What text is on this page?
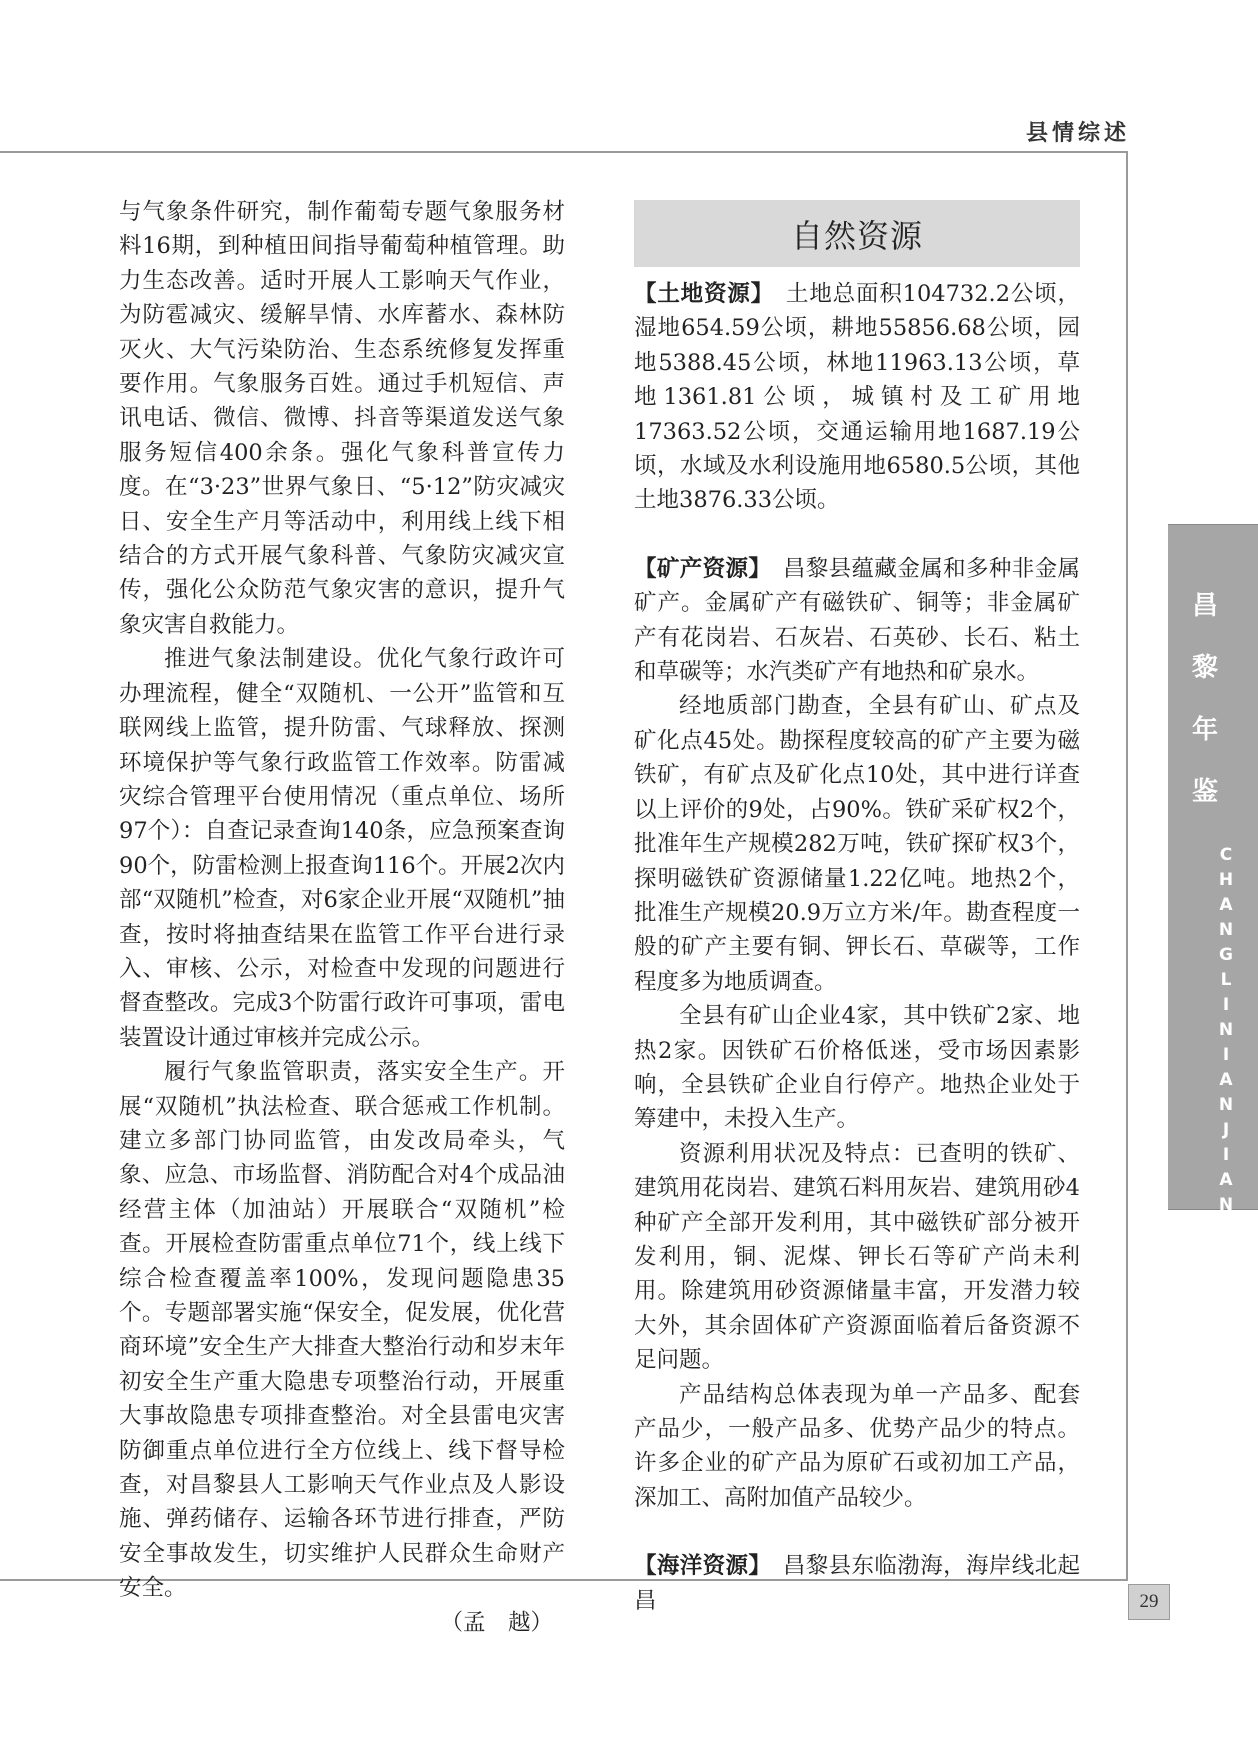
县情综述
29
昌
黎
年
鉴
CHANGLINIANJIAN

与气象条件研究，制作葡萄专题气象服务材料16期，到种植田间指导葡萄种植管理。助力生态改善。适时开展人工影响天气作业，为防雹减灾、缓解旱情、水库蓄水、森林防灭火、大气污染防治、生态系统修复发挥重要作用。气象服务百姓。通过手机短信、声讯电话、微信、微博、抖音等渠道发送气象服务短信400余条。强化气象科普宣传力度。在“3·23”世界气象日、“5·12”防灾减灾日、安全生产月等活动中，利用线上线下相结合的方式开展气象科普、气象防灾减灾宣传，强化公众防范气象灾害的意识，提升气象灾害自救能力。

推进气象法制建设。优化气象行政许可办理流程，健全“双随机、一公开”监管和互联网线上监管，提升防雷、气球释放、探测环境保护等气象行政监管工作效率。防雷减灾综合管理平台使用情况（重点单位、场所97个）：自查记录查询140条，应急预案查询90个，防雷检测上报查询116个。开展2次内部“双随机”检查，对6家企业开展“双随机”抽查，按时将抽查结果在监管工作平台进行录入、审核、公示，对检查中发现的问题进行督查整改。完成3个防雷行政许可事项，雷电装置设计通过审核并完成公示。

履行气象监管职责，落实安全生产。开展“双随机”执法检查、联合惩戒工作机制。建立多部门协同监管，由发改局牵头，气象、应急、市场监督、消防配合对4个成品油经营主体（加油站）开展联合“双随机”检查。开展检查防雷重点单位71个，线上线下综合检查覆盖率100%，发现问题隐患35个。专题部署实施“保安全，促发展，优化营商环境”安全生产大排查大整治行动和岁末年初安全生产重大隐患专项整治行动，开展重大事故隐患专项排查整治。对全县雷电灾害防御重点单位进行全方位线上、线下督导检查，对昌黎县人工影响天气作业点及人影设施、弹药储存、运输各环节进行排查，严防安全事故发生，切实维护人民群众生命财产安全。

（孟　越）

自然资源

【土地资源】　土地总面积104732.2公顷，湿地654.59公顷，耕地55856.68公顷，园地5388.45公顷，林地11963.13公顷，草地1361.81公顷，城镇村及工矿用地17363.52公顷，交通运输用地1687.19公顷，水域及水利设施用地6580.5公顷，其他土地3876.33公顷。

【矿产资源】　昌黎县蕴藏金属和多种非金属矿产。金属矿产有磁铁矿、铜等；非金属矿产有花岗岩、石灰岩、石英砂、长石、粘土和草碳等；水汽类矿产有地热和矿泉水。

经地质部门勘查，全县有矿山、矿点及矿化点45处。勘探程度较高的矿产主要为磁铁矿，有矿点及矿化点10处，其中进行详查以上评价的9处，占90%。铁矿采矿权2个，批准年生产规模282万吨，铁矿探矿权3个，探明磁铁矿资源储量1.22亿吨。地热2个，批准生产规模20.9万立方米/年。勘查程度一般的矿产主要有铜、钾长石、草碳等，工作程度多为地质调查。

全县有矿山企业4家，其中铁矿2家、地热2家。因铁矿石价格低迷，受市场因素影响，全县铁矿企业自行停产。地热企业处于筹建中，未投入生产。

资源利用状况及特点：已查明的铁矿、建筑用花岗岩、建筑石料用灰岩、建筑用砂4种矿产全部开发利用，其中磁铁矿部分被开发利用，铜、泥煤、钾长石等矿产尚未利用。除建筑用砂资源储量丰富，开发潜力较大外，其余固体矿产资源面临着后备资源不足问题。

产品结构总体表现为单一产品多、配套产品少，一般产品多、优势产品少的特点。许多企业的矿产品为原矿石或初加工产品，深加工、高附加值产品较少。

【海洋资源】　昌黎县东临渤海，海岸线北起昌
